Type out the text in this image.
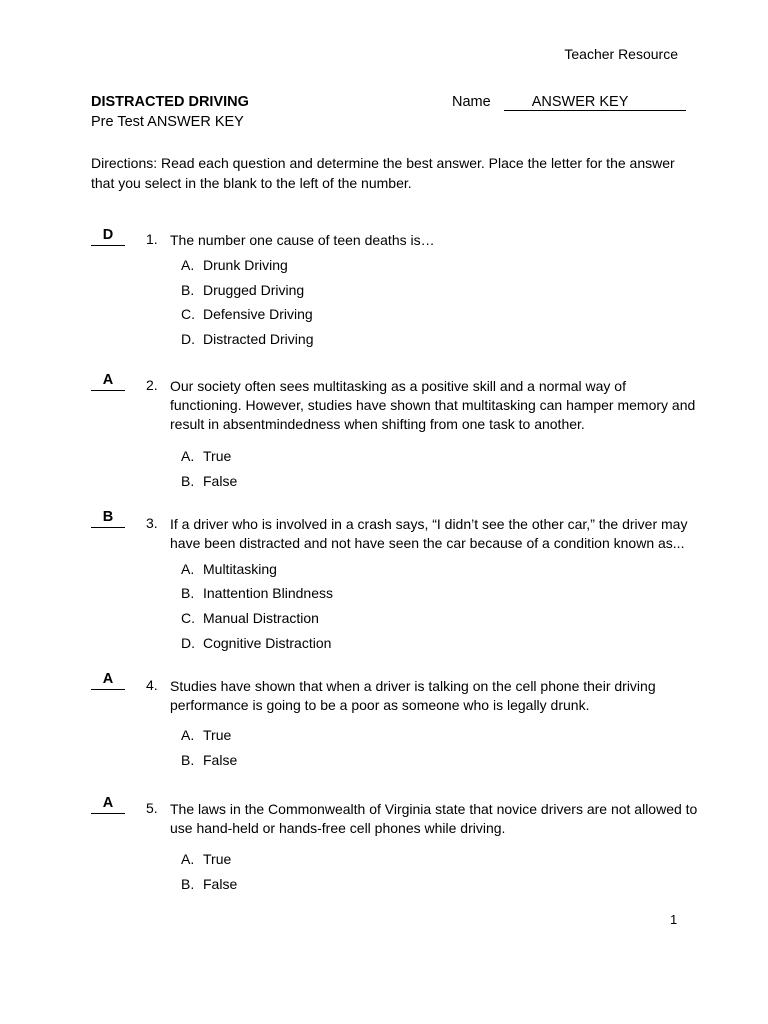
Teacher Resource
DISTRACTED DRIVING
Pre Test ANSWER KEY
Name	ANSWER KEY
Directions: Read each question and determine the best answer. Place the letter for the answer that you select in the blank to the left of the number.
D	1. The number one cause of teen deaths is…
A. Drunk Driving
B. Drugged Driving
C. Defensive Driving
D. Distracted Driving
A	2. Our society often sees multitasking as a positive skill and a normal way of functioning. However, studies have shown that multitasking can hamper memory and result in absentmindedness when shifting from one task to another.
A. True
B. False
B	3. If a driver who is involved in a crash says, “I didn’t see the other car,” the driver may have been distracted and not have seen the car because of a condition known as...
A. Multitasking
B. Inattention Blindness
C. Manual Distraction
D. Cognitive Distraction
A	4. Studies have shown that when a driver is talking on the cell phone their driving performance is going to be a poor as someone who is legally drunk.
A. True
B. False
A	5. The laws in the Commonwealth of Virginia state that novice drivers are not allowed to use hand-held or hands-free cell phones while driving.
A. True
B. False
1
